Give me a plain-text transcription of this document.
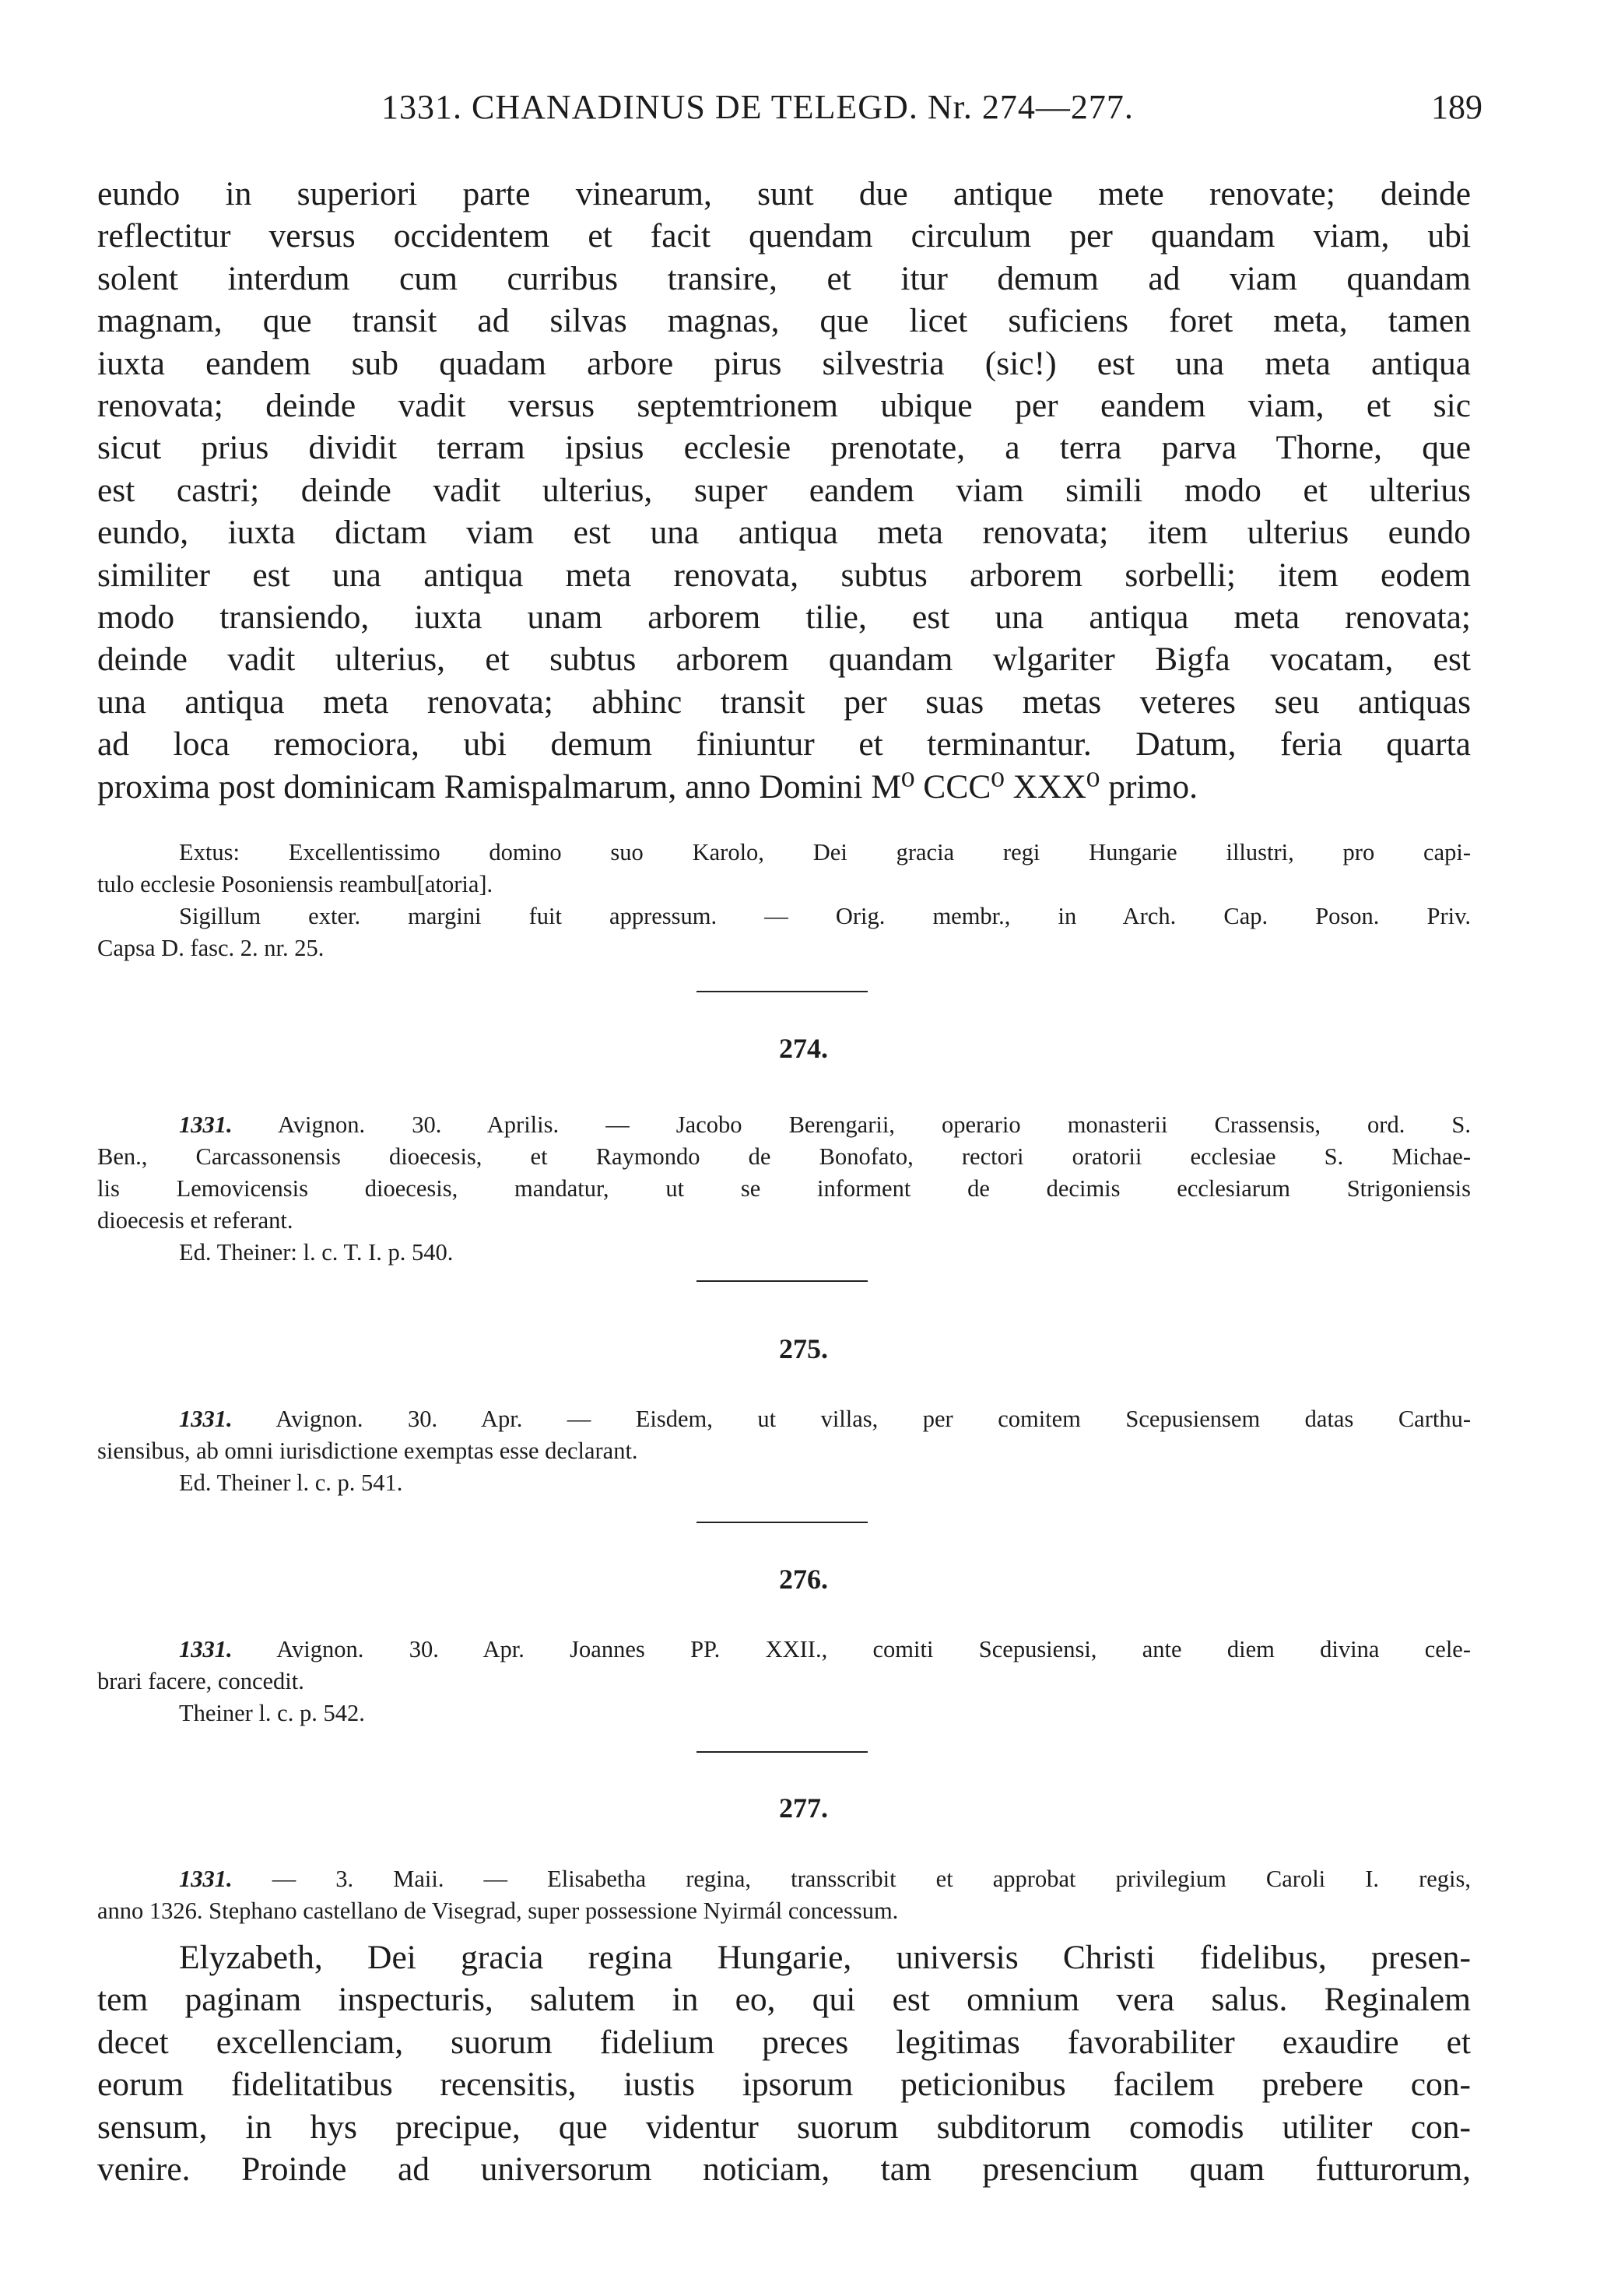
1331. CHANADINUS DE TELEGD. Nr. 274—277.	189

eundo in superiori parte vinearum, sunt due antique mete renovate; deinde

reflectitur versus occidentem et facit quendam circulum per quandam viam, ubi

solent interdum cum curribus transire, et itur demum ad viam quandam

magnam, que transit ad silvas magnas, que licet suficiens foret meta, tamen

iuxta eandem sub quadam arbore pirus silvestria (sic!) est una meta antiqua

renovata; deinde vadit versus septemtrionem ubique per eandem viam, et sic

sicut prius dividit terram ipsius ecclesie prenotate, a terra parva Thorne, que

est castri; deinde vadit ulterius, super eandem viam simili modo et ulterius

eundo, iuxta dictam viam est una antiqua meta renovata; item ulterius eundo

similiter est una antiqua meta renovata, subtus arborem sorbelli; item eodem

modo transiendo, iuxta unam arborem tilie, est una antiqua meta renovata;

deinde vadit ulterius, et subtus arborem quandam wlgariter Bigfa vocatam, est

una antiqua meta renovata; abhinc transit per suas metas veteres seu antiquas

ad loca remociora, ubi demum finiuntur et terminantur. Datum, feria quarta

proxima post dominicam Ramispalmarum, anno Domini M⁰ CCC⁰ XXX⁰ primo.

Extus: Excellentissimo domino suo Karolo, Dei gracia regi Hungarie illustri, pro capi-

tulo ecclesie Posoniensis reambul[atoria].

Sigillum exter. margini fuit appressum. — Orig. membr., in Arch. Cap. Poson. Priv.

Capsa D. fasc. 2. nr. 25.

274.

1331. Avignon. 30. Aprilis. — Jacobo Berengarii, operario monasterii Crassensis, ord. S.

Ben., Carcassonensis dioecesis, et Raymondo de Bonofato, rectori oratorii ecclesiae S. Michae-

lis Lemovicensis dioecesis, mandatur, ut se informent de decimis ecclesiarum Strigoniensis

dioecesis et referant.

Ed. Theiner: l. c. T. I. p. 540.

275.

1331. Avignon. 30. Apr. — Eisdem, ut villas, per comitem Scepusiensem datas Carthu-

siensibus, ab omni iurisdictione exemptas esse declarant.

Ed. Theiner l. c. p. 541.

276.

1331. Avignon. 30. Apr. Joannes PP. XXII., comiti Scepusiensi, ante diem divina cele-

brari facere, concedit.

Theiner l. c. p. 542.

277.

1331. — 3. Maii. — Elisabetha regina, transscribit et approbat privilegium Caroli I. regis,

anno 1326. Stephano castellano de Visegrad, super possessione Nyirmál concessum.

Elyzabeth, Dei gracia regina Hungarie, universis Christi fidelibus, presen-

tem paginam inspecturis, salutem in eo, qui est omnium vera salus. Reginalem

decet excellenciam, suorum fidelium preces legitimas favorabiliter exaudire et

eorum fidelitatibus recensitis, iustis ipsorum peticionibus facilem prebere con-

sensum, in hys precipue, que videntur suorum subditorum comodis utiliter con-

venire. Proinde ad universorum noticiam, tam presencium quam futturorum,
